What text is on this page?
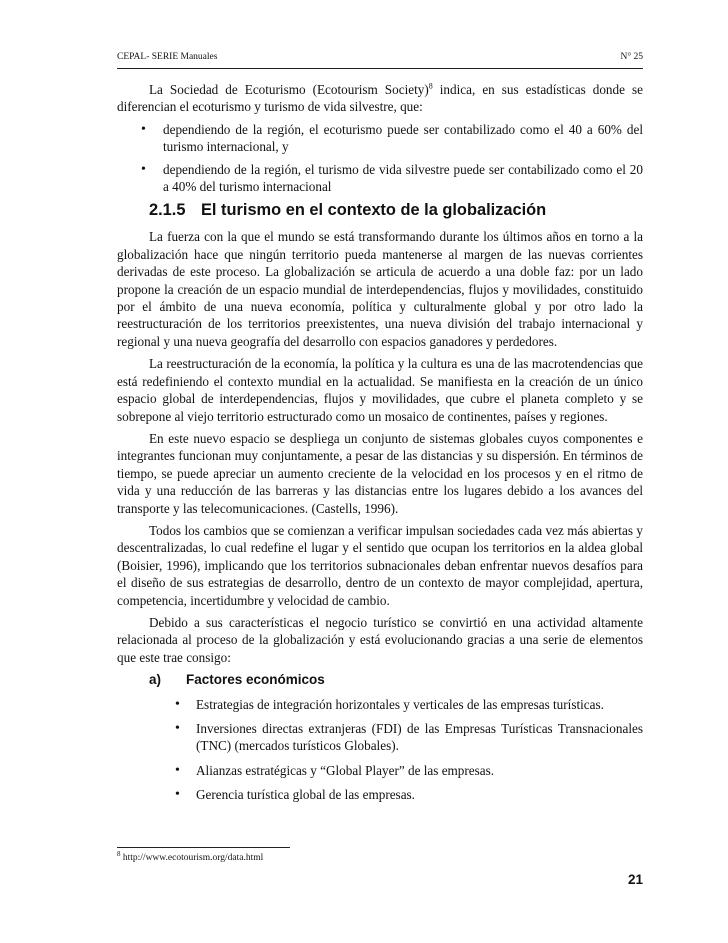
CEPAL- SERIE Manuales	N° 25

La Sociedad de Ecoturismo (Ecotourism Society)$^8$ indica, en sus estadísticas donde se diferencian el ecoturismo y turismo de vida silvestre, que:

• dependiendo de la región, el ecoturismo puede ser contabilizado como el 40 a 60% del turismo internacional, y
• dependiendo de la región, el turismo de vida silvestre puede ser contabilizado como el 20 a 40% del turismo internacional
2.1.5 El turismo en el contexto de la globalización

La fuerza con la que el mundo se está transformando durante los últimos años en torno a la globalización hace que ningún territorio pueda mantenerse al margen de las nuevas corrientes derivadas de este proceso. La globalización se articula de acuerdo a una doble faz: por un lado propone la creación de un espacio mundial de interdependencias, flujos y movilidades, constituido por el ámbito de una nueva economía, política y culturalmente global y por otro lado la reestructuración de los territorios preexistentes, una nueva división del trabajo internacional y regional y una nueva geografía del desarrollo con espacios ganadores y perdedores.

La reestructuración de la economía, la política y la cultura es una de las macrotendencias que está redefiniendo el contexto mundial en la actualidad. Se manifiesta en la creación de un único espacio global de interdependencias, flujos y movilidades, que cubre el planeta completo y se sobrepone al viejo territorio estructurado como un mosaico de continentes, países y regiones.

En este nuevo espacio se despliega un conjunto de sistemas globales cuyos componentes e integrantes funcionan muy conjuntamente, a pesar de las distancias y su dispersión. En términos de tiempo, se puede apreciar un aumento creciente de la velocidad en los procesos y en el ritmo de vida y una reducción de las barreras y las distancias entre los lugares debido a los avances del transporte y las telecomunicaciones. (Castells, 1996).

Todos los cambios que se comienzan a verificar impulsan sociedades cada vez más abiertas y descentralizadas, lo cual redefine el lugar y el sentido que ocupan los territorios en la aldea global (Boisier, 1996), implicando que los territorios subnacionales deban enfrentar nuevos desafíos para el diseño de sus estrategias de desarrollo, dentro de un contexto de mayor complejidad, apertura, competencia, incertidumbre y velocidad de cambio.

Debido a sus características el negocio turístico se convirtió en una actividad altamente relacionada al proceso de la globalización y está evolucionando gracias a una serie de elementos que este trae consigo:

a) Factores económicos
• Estrategias de integración horizontales y verticales de las empresas turísticas.
• Inversiones directas extranjeras (FDI) de las Empresas Turísticas Transnacionales (TNC) (mercados turísticos Globales).
• Alianzas estratégicas y “Global Player” de las empresas.
• Gerencia turística global de las empresas.
$^8$ http://www.ecotourism.org/data.html
21
